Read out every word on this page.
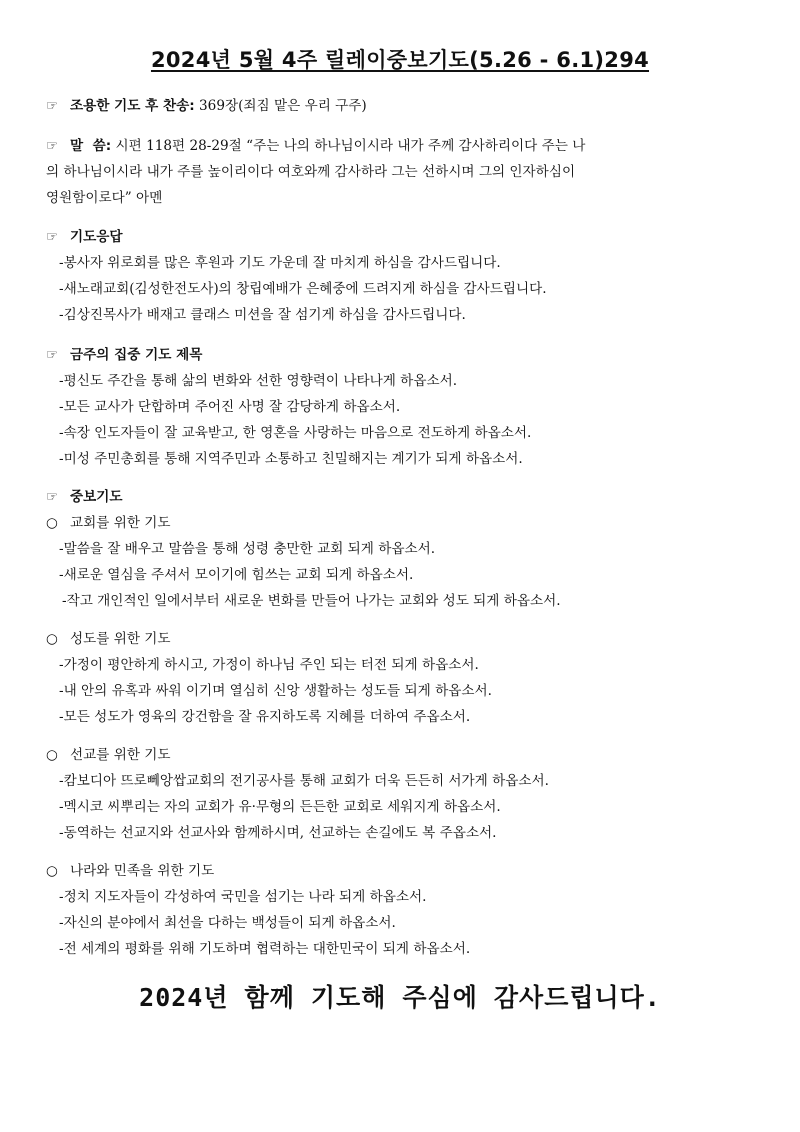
2024년 5월 4주 릴레이중보기도(5.26 - 6.1)294
☞ 조용한 기도 후 찬송: 369장(죄짐 맡은 우리 구주)
☞ 말  씀: 시편 118편 28-29절 “주는 나의 하나님이시라 내가 주께 감사하리이다 주는 나
의 하나님이시라 내가 주를 높이리이다 여호와께 감사하라 그는 선하시며 그의 인자하심이
영원함이로다” 아멘
☞ 기도응답
-봉사자 위로회를 많은 후원과 기도 가운데 잘 마치게 하심을 감사드립니다.
-새노래교회(김성한전도사)의 창립예배가 은혜중에 드려지게 하심을 감사드립니다.
-김상진목사가 배재고 클래스 미션을 잘 섬기게 하심을 감사드립니다.
☞ 금주의 집중 기도 제목
-평신도 주간을 통해 삶의 변화와 선한 영향력이 나타나게 하옵소서.
-모든 교사가 단합하며 주어진 사명 잘 감당하게 하옵소서.
-속장 인도자들이 잘 교육받고, 한 영혼을 사랑하는 마음으로 전도하게 하옵소서.
-미성 주민총회를 통해 지역주민과 소통하고 친밀해지는 계기가 되게 하옵소서.
☞ 중보기도
○ 교회를 위한 기도
-말씀을 잘 배우고 말씀을 통해 성령 충만한 교회 되게 하옵소서.
-새로운 열심을 주셔서 모이기에 힘쓰는 교회 되게 하옵소서.
-작고 개인적인 일에서부터 새로운 변화를 만들어 나가는 교회와 성도 되게 하옵소서.
○ 성도를 위한 기도
-가정이 평안하게 하시고, 가정이 하나님 주인 되는 터전 되게 하옵소서.
-내 안의 유혹과 싸워 이기며 열심히 신앙 생활하는 성도들 되게 하옵소서.
-모든 성도가 영육의 강건함을 잘 유지하도록 지혜를 더하여 주옵소서.
○ 선교를 위한 기도
-캄보디아 뜨로뻬앙쌉교회의 전기공사를 통해 교회가 더욱 든든히 서가게 하옵소서.
-멕시코 씨뿌리는 자의 교회가 유·무형의 든든한 교회로 세워지게 하옵소서.
-동역하는 선교지와 선교사와 함께하시며, 선교하는 손길에도 복 주옵소서.
○ 나라와 민족을 위한 기도
-정치 지도자들이 각성하여 국민을 섬기는 나라 되게 하옵소서.
-자신의 분야에서 최선을 다하는 백성들이 되게 하옵소서.
-전 세계의 평화를 위해 기도하며 협력하는 대한민국이 되게 하옵소서.
2024년 함께 기도해 주심에 감사드립니다.
